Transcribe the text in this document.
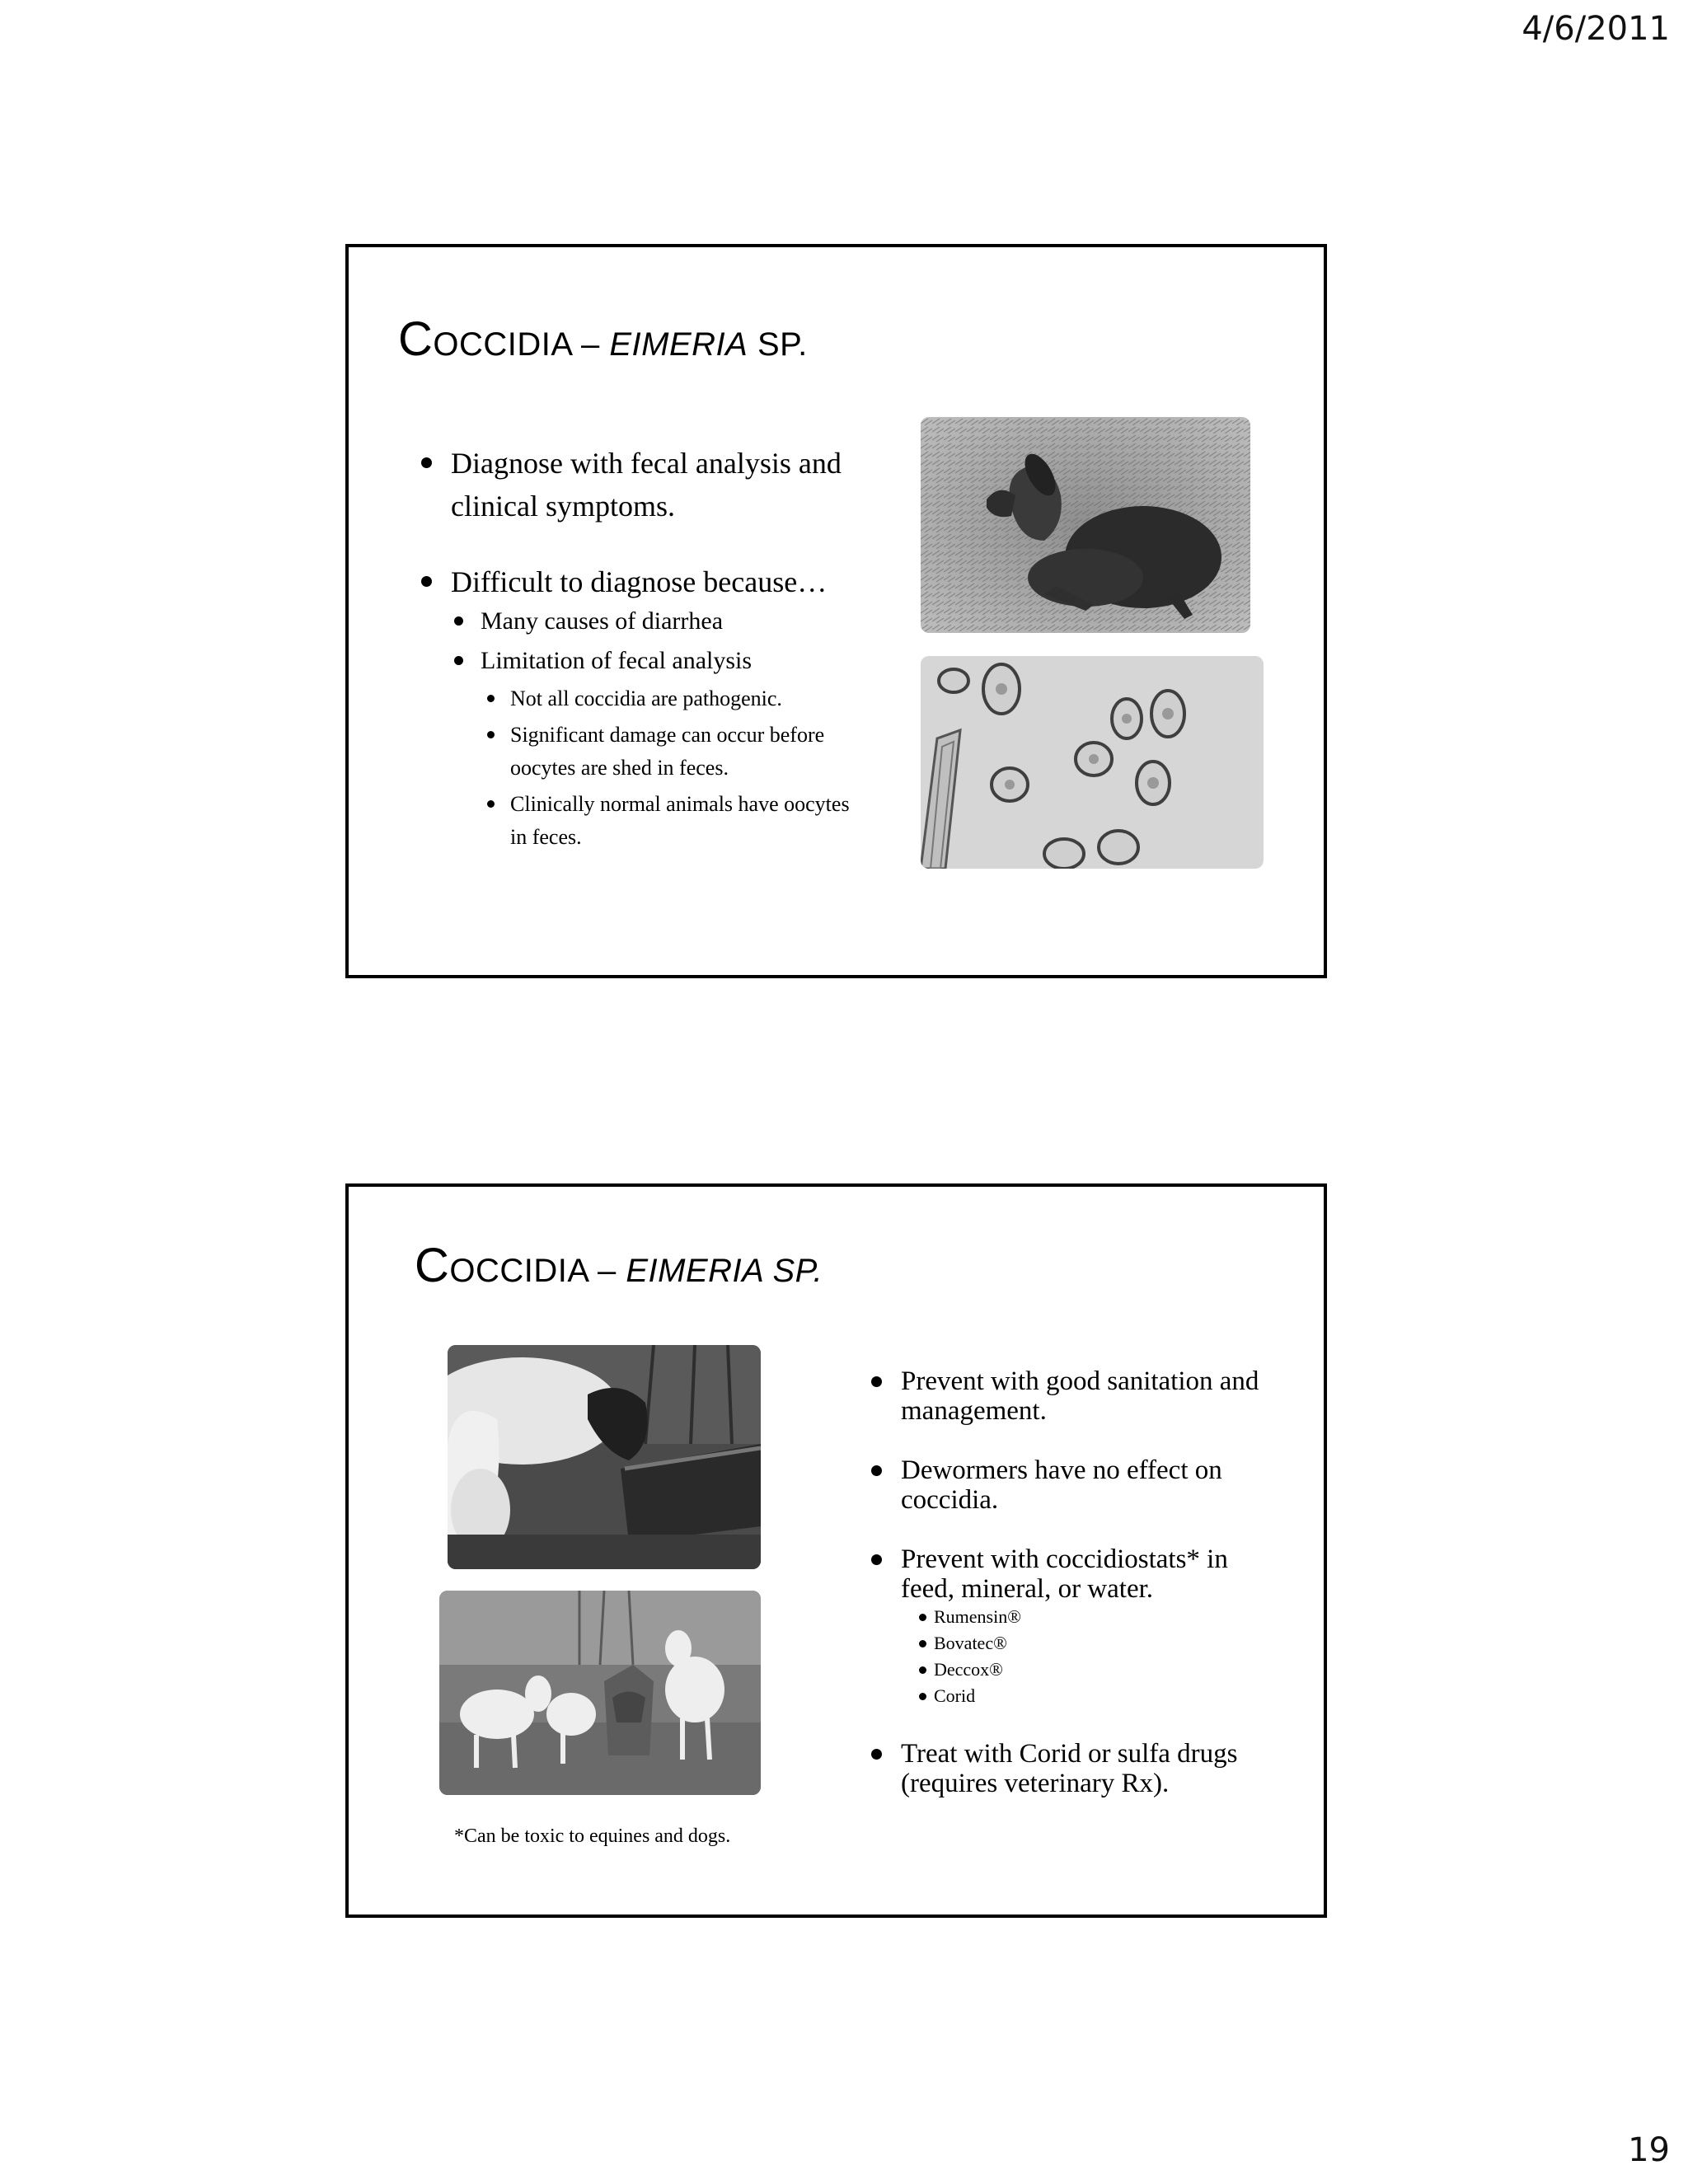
4/6/2011
COCCIDIA – EIMERIA SP.
Diagnose with fecal analysis and clinical symptoms.
Difficult to diagnose because…
Many causes of diarrhea
Limitation of fecal analysis
Not all coccidia are pathogenic.
Significant damage can occur before oocytes are shed in feces.
Clinically normal animals have oocytes in feces.
COCCIDIA – EIMERIA SP.
Prevent with good sanitation and management.
Dewormers have no effect on coccidia.
Prevent with coccidiostats* in feed, mineral, or water.
Rumensin®
Bovatec®
Deccox®
Corid
Treat with Corid or sulfa drugs (requires veterinary Rx).
*Can be toxic to equines and dogs.
19
